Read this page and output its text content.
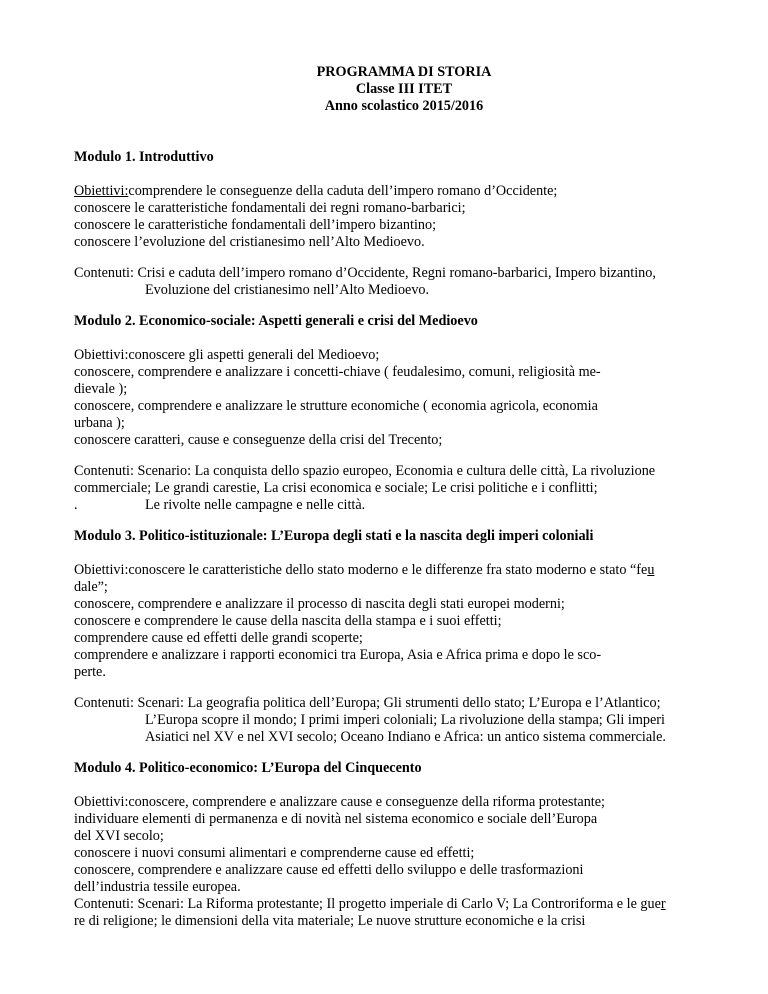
PROGRAMMA DI STORIA
Classe III ITET
Anno scolastico 2015/2016

Modulo 1. Introduttivo

Obiettivi:comprendere le conseguenze della caduta dell’impero romano d’Occidente;

conoscere le caratteristiche fondamentali dei regni romano-barbarici;

conoscere le caratteristiche fondamentali dell’impero bizantino;

conoscere l’evoluzione del cristianesimo nell’Alto Medioevo.

Contenuti: Crisi e caduta dell’impero romano d’Occidente, Regni romano-barbarici, Impero bizantino,

Evoluzione del cristianesimo nell’Alto Medioevo.

Modulo 2. Economico-sociale: Aspetti generali e crisi del Medioevo

Obiettivi:conoscere gli aspetti generali del Medioevo;

conoscere, comprendere e analizzare i concetti-chiave ( feudalesimo, comuni, religiosità me-

dievale );

conoscere, comprendere e analizzare le strutture economiche ( economia agricola, economia

urbana );

conoscere caratteri, cause e conseguenze della crisi del Trecento;

Contenuti: Scenario: La conquista dello spazio europeo, Economia e cultura delle città, La rivoluzione

commerciale; Le grandi carestie, La crisi economica e sociale; Le crisi politiche e i conflitti;

.	Le rivolte nelle campagne e nelle città.

Modulo 3. Politico-istituzionale: L’Europa degli stati e la nascita degli imperi coloniali

Obiettivi:conoscere le caratteristiche dello stato moderno e le differenze fra stato moderno e stato “feu

dale”;

conoscere, comprendere e analizzare il processo di nascita degli stati europei moderni;

conoscere e comprendere le cause della nascita della stampa e i suoi effetti;

comprendere cause ed effetti delle grandi scoperte;

comprendere e analizzare i rapporti economici tra Europa, Asia e Africa prima e dopo le sco-

perte.

Contenuti: Scenari: La geografia politica dell’Europa; Gli strumenti dello stato; L’Europa e l’Atlantico;

L’Europa scopre il mondo; I primi imperi coloniali; La rivoluzione della stampa; Gli imperi

Asiatici nel XV e nel XVI secolo; Oceano Indiano e Africa: un antico sistema commerciale.

Modulo 4. Politico-economico: L’Europa del Cinquecento

Obiettivi:conoscere, comprendere e analizzare cause e conseguenze della riforma protestante;

individuare elementi di permanenza e di novità nel sistema economico e sociale dell’Europa

del XVI secolo;

conoscere i nuovi consumi alimentari e comprenderne cause ed effetti;

conoscere, comprendere e analizzare cause ed effetti dello sviluppo e delle trasformazioni

dell’industria tessile europea.

Contenuti: Scenari: La Riforma protestante; Il progetto imperiale di Carlo V; La Controriforma e le guer

re di religione; le dimensioni della vita materiale; Le nuove strutture economiche e la crisi
